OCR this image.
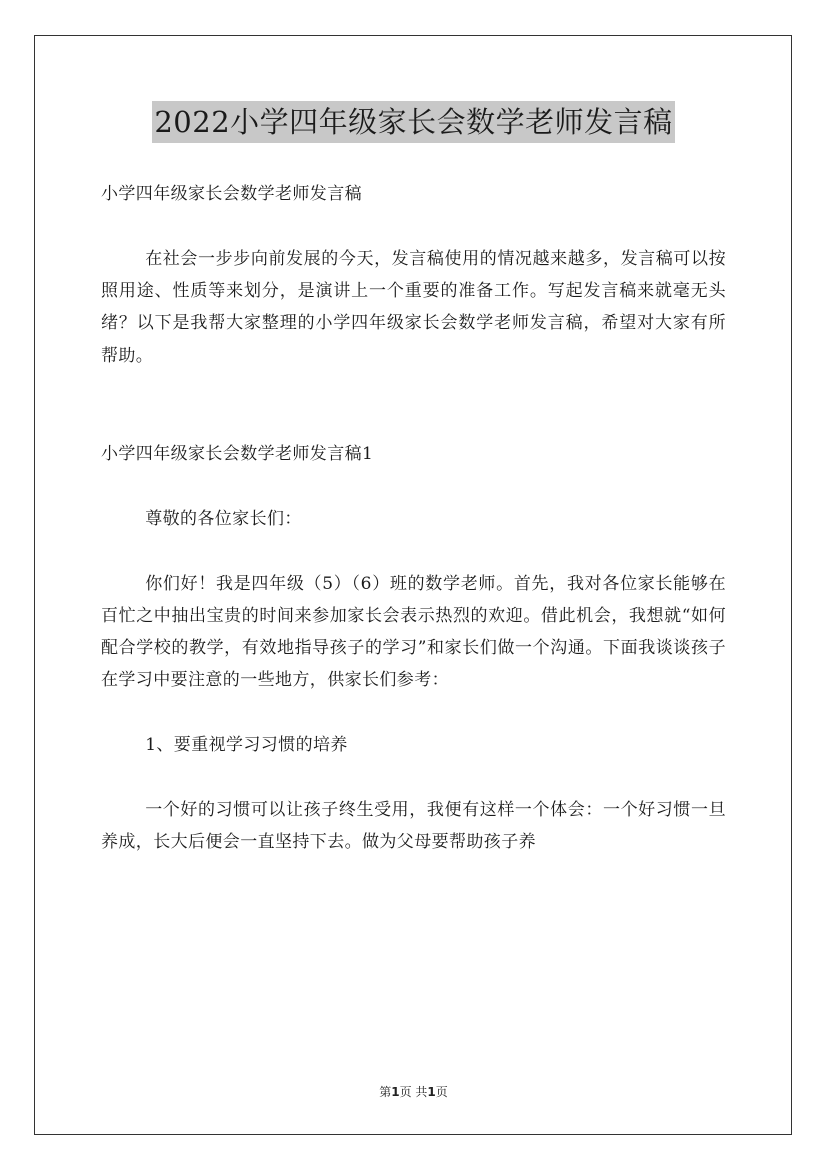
2022小学四年级家长会数学老师发言稿

小学四年级家长会数学老师发言稿

在社会一步步向前发展的今天，发言稿使用的情况越来越多，发言稿可以按照用途、性质等来划分，是演讲上一个重要的准备工作。写起发言稿来就毫无头绪？以下是我帮大家整理的小学四年级家长会数学老师发言稿，希望对大家有所帮助。

小学四年级家长会数学老师发言稿1

尊敬的各位家长们：

你们好！我是四年级（5）（6）班的数学老师。首先，我对各位家长能够在百忙之中抽出宝贵的时间来参加家长会表示热烈的欢迎。借此机会，我想就“如何配合学校的教学，有效地指导孩子的学习”和家长们做一个沟通。下面我谈谈孩子在学习中要注意的一些地方，供家长们参考：

1、要重视学习习惯的培养

一个好的习惯可以让孩子终生受用，我便有这样一个体会：一个好习惯一旦养成，长大后便会一直坚持下去。做为父母要帮助孩子养

第1页 共1页
